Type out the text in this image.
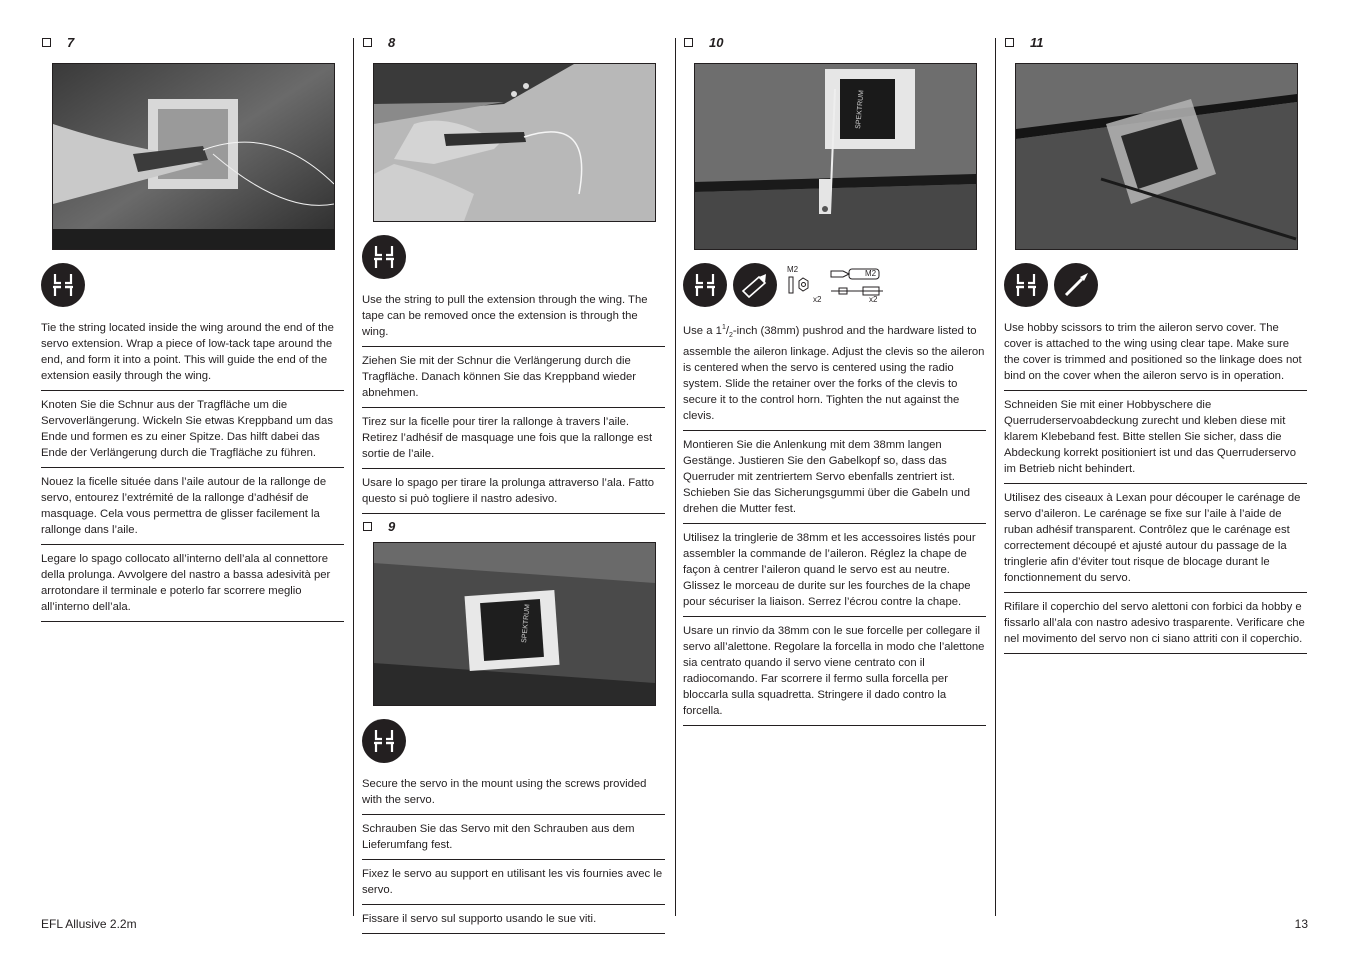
7
Tie the string located inside the wing around the end of the servo extension. Wrap a piece of low-tack tape around the end, and form it into a point. This will guide the end of the extension easily through the wing.
Knoten Sie die Schnur aus der Tragfläche um die Servoverlängerung. Wickeln Sie etwas Kreppband um das Ende und formen es zu einer Spitze. Das hilft dabei das Ende der Verlängerung durch die Tragfläche zu führen.
Nouez la ficelle située dans l’aile autour de la rallonge de servo, entourez l’extrémité de la rallonge d’adhésif de masquage. Cela vous permettra de glisser facilement la rallonge dans l’aile.
Legare lo spago collocato all’interno dell’ala al connettore della prolunga. Avvolgere del nastro a bassa adesività per arrotondare il terminale e poterlo far scorrere meglio all’interno dell’ala.
8
Use the string to pull the extension through the wing. The tape can be removed once the extension is through the wing.
Ziehen Sie mit der Schnur die Verlängerung durch die Tragfläche. Danach können Sie das Kreppband wieder abnehmen.
Tirez sur la ficelle pour tirer la rallonge à travers l’aile. Retirez l’adhésif de masquage une fois que la rallonge est sortie de l’aile.
Usare lo spago per tirare la prolunga attraverso l’ala. Fatto questo si può togliere il nastro adesivo.
9
SPEKTRUM
Secure the servo in the mount using the screws provided with the servo.
Schrauben Sie das Servo mit den Schrauben aus dem Lieferumfang fest.
Fixez le servo au support en utilisant les vis fournies avec le servo.
Fissare il servo sul supporto usando le sue viti.
10
SPEKTRUM
M2	M2
x2	x2
Use a $1^1/_2$-inch (38mm) pushrod and the hardware listed to assemble the aileron linkage. Adjust the clevis so the aileron is centered when the servo is centered using the radio system. Slide the retainer over the forks of the clevis to secure it to the control horn. Tighten the nut against the clevis.
Montieren Sie die Anlenkung mit dem 38mm langen Gestänge. Justieren Sie den Gabelkopf so, dass das Querruder mit zentriertem Servo ebenfalls zentriert ist. Schieben Sie das Sicherungsgummi über die Gabeln und drehen die Mutter fest.
Utilisez la tringlerie de 38mm et les accessoires listés pour assembler la commande de l’aileron. Réglez la chape de façon à centrer l’aileron quand le servo est au neutre. Glissez le morceau de durite sur les fourches de la chape pour sécuriser la liaison. Serrez l’écrou contre la chape.
Usare un rinvio da 38mm con le sue forcelle per collegare il servo all’alettone. Regolare la forcella in modo che l’alettone sia centrato quando il servo viene centrato con il radiocomando. Far scorrere il fermo sulla forcella per bloccarla sulla squadretta. Stringere il dado contro la forcella.
11
Use hobby scissors to trim the aileron servo cover. The cover is attached to the wing using clear tape. Make sure the cover is trimmed and positioned so the linkage does not bind on the cover when the aileron servo is in operation.
Schneiden Sie mit einer Hobbyschere die Querruderservoabdeckung zurecht und kleben diese mit klarem Klebeband fest. Bitte stellen Sie sicher, dass die Abdeckung korrekt positioniert ist und das Querruderservo im Betrieb nicht behindert.
Utilisez des ciseaux à Lexan pour découper le carénage de servo d’aileron. Le carénage se fixe sur l’aile à l’aide de ruban adhésif transparent. Contrôlez que le carénage est correctement découpé et ajusté autour du passage de la tringlerie afin d’éviter tout risque de blocage durant le fonctionnement du servo.
Rifilare il coperchio del servo alettoni con forbici da hobby e fissarlo all’ala con nastro adesivo trasparente. Verificare che nel movimento del servo non ci siano attriti con il coperchio.
EFL Allusive 2.2m	13
